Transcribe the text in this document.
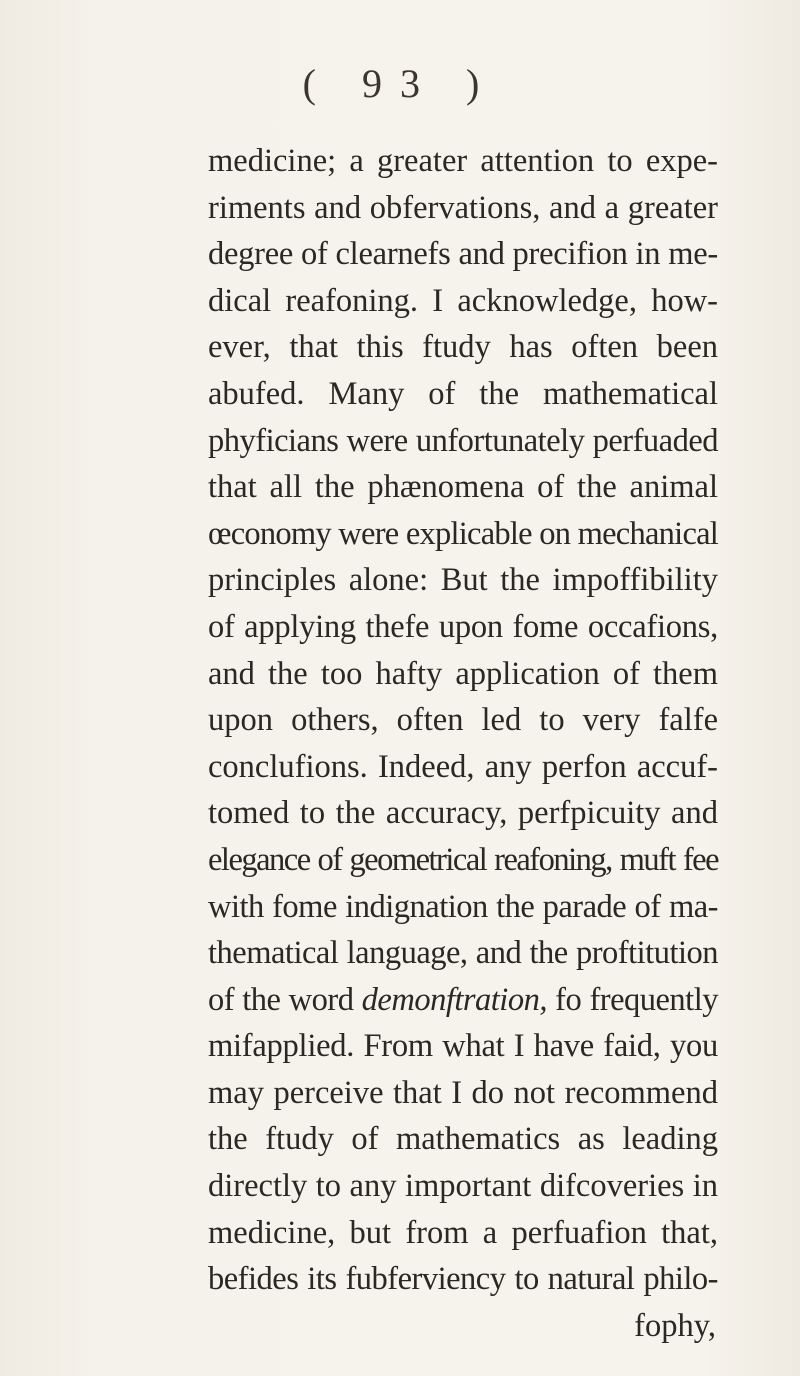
( 93 )
medicine; a greater attention to expe-
riments and obfervations, and a greater
degree of clearnefs and precifion in me-
dical reafoning. I acknowledge, how-
ever, that this ftudy has often been
abufed. Many of the mathematical
phyficians were unfortunately perfuaded
that all the phænomena of the animal
œconomy were explicable on mechanical
principles alone: But the impoffibility
of applying thefe upon fome occafions,
and the too hafty application of them
upon others, often led to very falfe
conclufions. Indeed, any perfon accuf-
tomed to the accuracy, perfpicuity and
elegance of geometrical reafoning, muft fee
with fome indignation the parade of ma-
thematical language, and the proftitution
of the word demonftration, fo frequently
mifapplied. From what I have faid, you
may perceive that I do not recommend
the ftudy of mathematics as leading
directly to any important difcoveries in
medicine, but from a perfuafion that,
befides its fubferviency to natural philo-
fophy,
